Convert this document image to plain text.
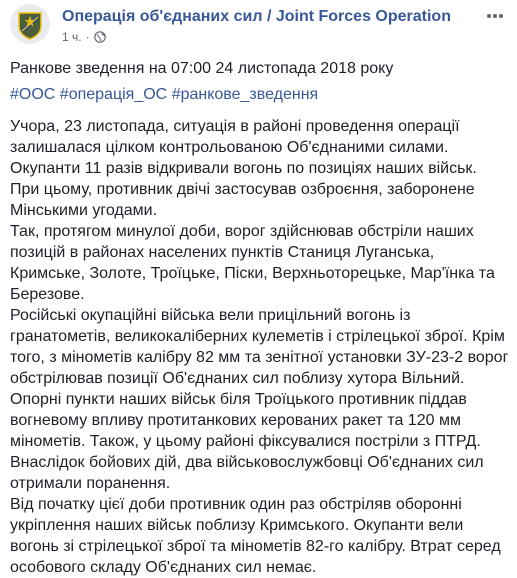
Операція об'єднаних сил / Joint Forces Operation
1 ч. ·

Ранкове зведення на 07:00 24 листопада 2018 року

#ООС #операція_ОС #ранкове_зведення

Учора, 23 листопада, ситуація в районі проведення операції залишалася цілком контрольованою Об'єднаними силами.

Окупанти 11 разів відкривали вогонь по позиціях наших військ. При цьому, противник двічі застосував озброєння, заборонене Мінськими угодами.

Так, протягом минулої доби, ворог здійснював обстріли наших позицій в районах населених пунктів Станиця Луганська, Кримське, Золоте, Троїцьке, Піски, Верхньоторецьке, Мар'їнка та Березове.

Російські окупаційні війська вели прицільний вогонь із гранатометів, великокаліберних кулеметів і стрілецької зброї. Крім того, з мінометів калібру 82 мм та зенітної установки ЗУ-23-2 ворог обстрілював позиції Об'єднаних сил поблизу хутора Вільний. Опорні пункти наших військ біля Троїцького противник піддав вогневому впливу протитанкових керованих ракет та 120 мм мінометів. Також, у цьому районі фіксувалися постріли з ПТРД. Внаслідок бойових дій, два військовослужбовці Об'єднаних сил отримали поранення.

Від початку цієї доби противник один раз обстріляв оборонні укріплення наших військ поблизу Кримського. Окупанти вели вогонь зі стрілецької зброї та мінометів 82-го калібру. Втрат серед особового складу Об'єднаних сил немає.
